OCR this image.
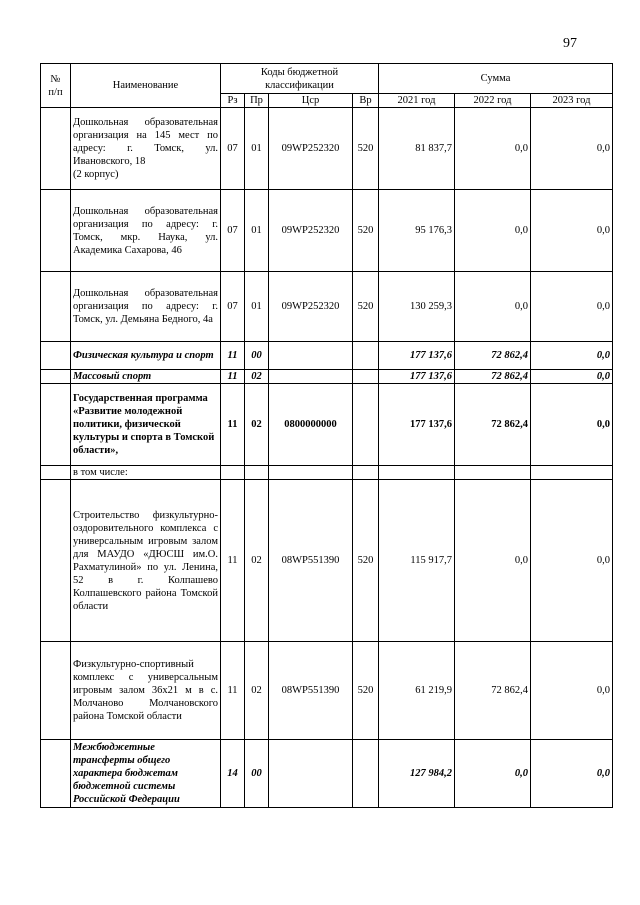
97
№
п/п	Наименование	Коды бюджетной
классификации				Сумма		
		Рз	Пр	Цср	Вр	2021 год	2022 год	2023 год
	Дошкольная образовательная организация на 145 мест по адресу: г. Томск, ул. Ивановского, 18
(2 корпус)	07	01	09WP252320	520	81 837,7	0,0	0,0
	Дошкольная образовательная организация по адресу: г. Томск, мкр. Наука, ул. Академика Сахарова, 46	07	01	09WP252320	520	95 176,3	0,0	0,0
	Дошкольная образовательная организация по адресу: г. Томск, ул. Демьяна Бедного, 4а	07	01	09WP252320	520	130 259,3	0,0	0,0
	Физическая культура и спорт	11	00			177 137,6	72 862,4	0,0
	Массовый спорт	11	02			177 137,6	72 862,4	0,0
	Государственная программа «Развитие молодежной политики, физической культуры и спорта в Томской области»,	11	02	0800000000		177 137,6	72 862,4	0,0
	в том числе:							
	Строительство физкультурно-оздоровительного комплекса с универсальным игровым залом для МАУДО «ДЮСШ им.О. Рахматулиной» по ул. Ленина, 52 в г. Колпашево Колпашевского района Томской области	11	02	08WP551390	520	115 917,7	0,0	0,0
	Физкультурно-спортивный комплекс с универсальным игровым залом 36х21 м в с. Молчаново Молчановского района Томской области	11	02	08WP551390	520	61 219,9	72 862,4	0,0
	Межбюджетные трансферты общего характера бюджетам бюджетной системы Российской Федерации	14	00			127 984,2	0,0	0,0
